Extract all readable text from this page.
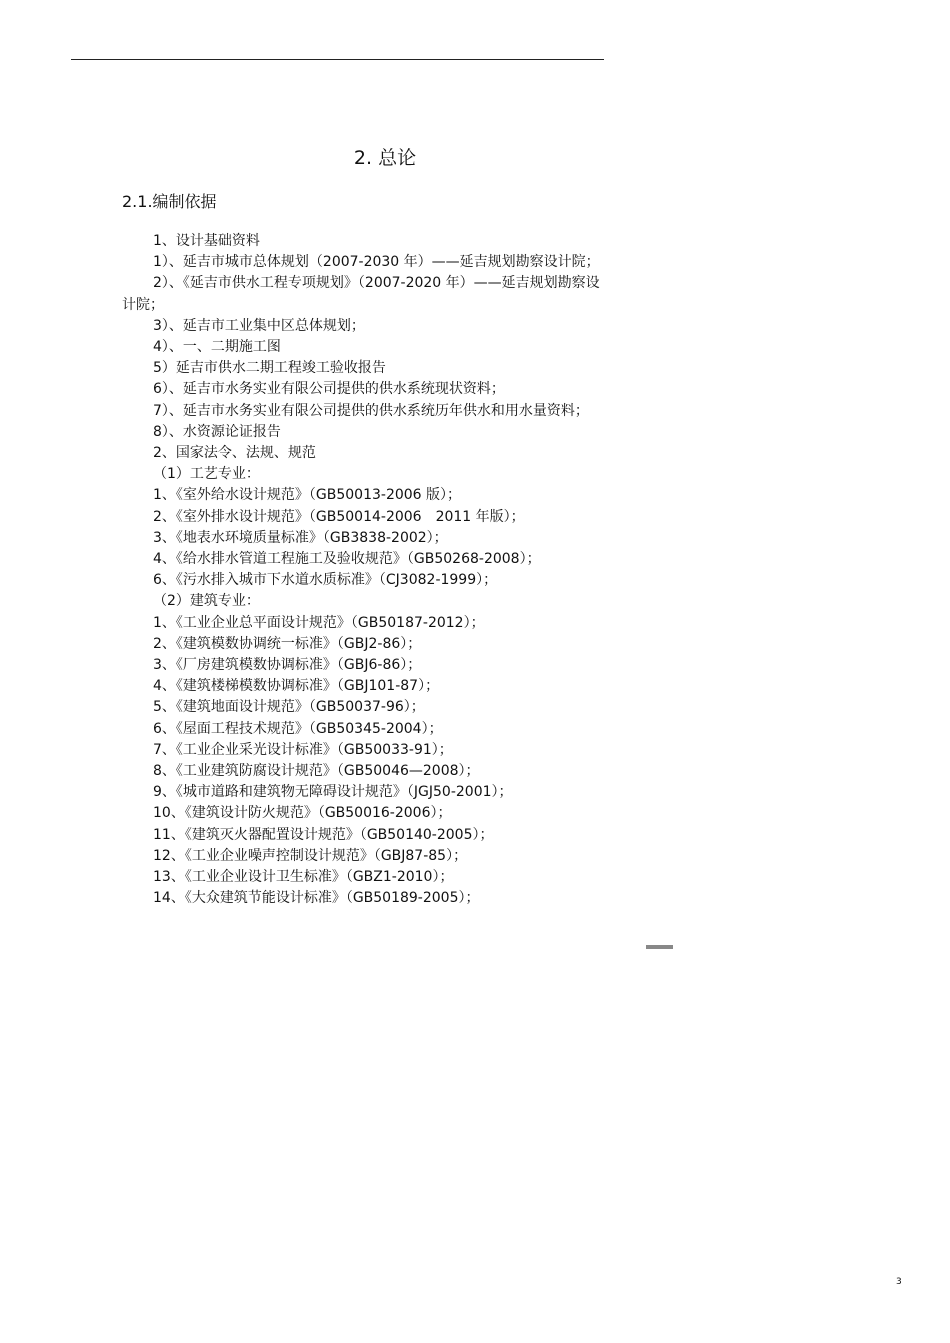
2. 总论
2.1.编制依据
1、设计基础资料
1）、延吉市城市总体规划（2007-2030 年）——延吉规划勘察设计院；
2）、《延吉市供水工程专项规划》（2007-2020 年）——延吉规划勘察设
计院；
3）、延吉市工业集中区总体规划；
4）、一、二期施工图
5）延吉市供水二期工程竣工验收报告
6）、延吉市水务实业有限公司提供的供水系统现状资料；
7）、延吉市水务实业有限公司提供的供水系统历年供水和用水量资料；
8）、水资源论证报告
2、国家法令、法规、规范
（1）工艺专业：
1、《室外给水设计规范》（GB50013-2006 版）；
2、《室外排水设计规范》（GB50014-2006　2011 年版）；
3、《地表水环境质量标准》（GB3838-2002）；
4、《给水排水管道工程施工及验收规范》（GB50268-2008）；
6、《污水排入城市下水道水质标准》（CJ3082-1999）；
（2）建筑专业：
1、《工业企业总平面设计规范》（GB50187-2012）；
2、《建筑模数协调统一标准》（GBJ2-86）；
3、《厂房建筑模数协调标准》（GBJ6-86）；
4、《建筑楼梯模数协调标准》（GBJ101-87）；
5、《建筑地面设计规范》（GB50037-96）；
6、《屋面工程技术规范》（GB50345-2004）；
7、《工业企业采光设计标准》（GB50033-91）；
8、《工业建筑防腐设计规范》（GB50046—2008）；
9、《城市道路和建筑物无障碍设计规范》（JGJ50-2001）；
10、《建筑设计防火规范》（GB50016-2006）；
11、《建筑灭火器配置设计规范》（GB50140-2005）；
12、《工业企业噪声控制设计规范》（GBJ87-85）；
13、《工业企业设计卫生标准》（GBZ1-2010）；
14、《大众建筑节能设计标准》（GB50189-2005）；
3
